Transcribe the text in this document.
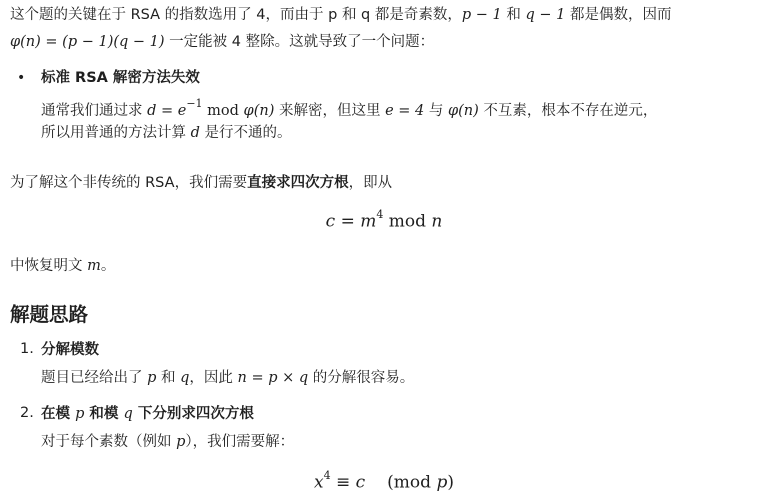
这个题的关键在于 RSA 的指数选用了 4，而由于 p 和 q 都是奇素数，p − 1 和 q − 1 都是偶数，因而
φ(n) = (p − 1)(q − 1) 一定能被 4 整除。这就导致了一个问题：
• 标准 RSA 解密方法失效
通常我们通过求 $d = e^{-1}$ mod φ(n) 来解密，但这里 e = 4 与 φ(n) 不互素，根本不存在逆元，
所以用普通的方法计算 d 是行不通的。
为了解这个非传统的 RSA，我们需要直接求四次方根，即从
$c = m^4$ mod n
中恢复明文 m。
解题思路
1. 分解模数
题目已经给出了 p 和 q，因此 n = p × q 的分解很容易。
2. 在模 p 和模 q 下分别求四次方根
对于每个素数（例如 p），我们需要解：
$x^4 \equiv c$ (mod p)
